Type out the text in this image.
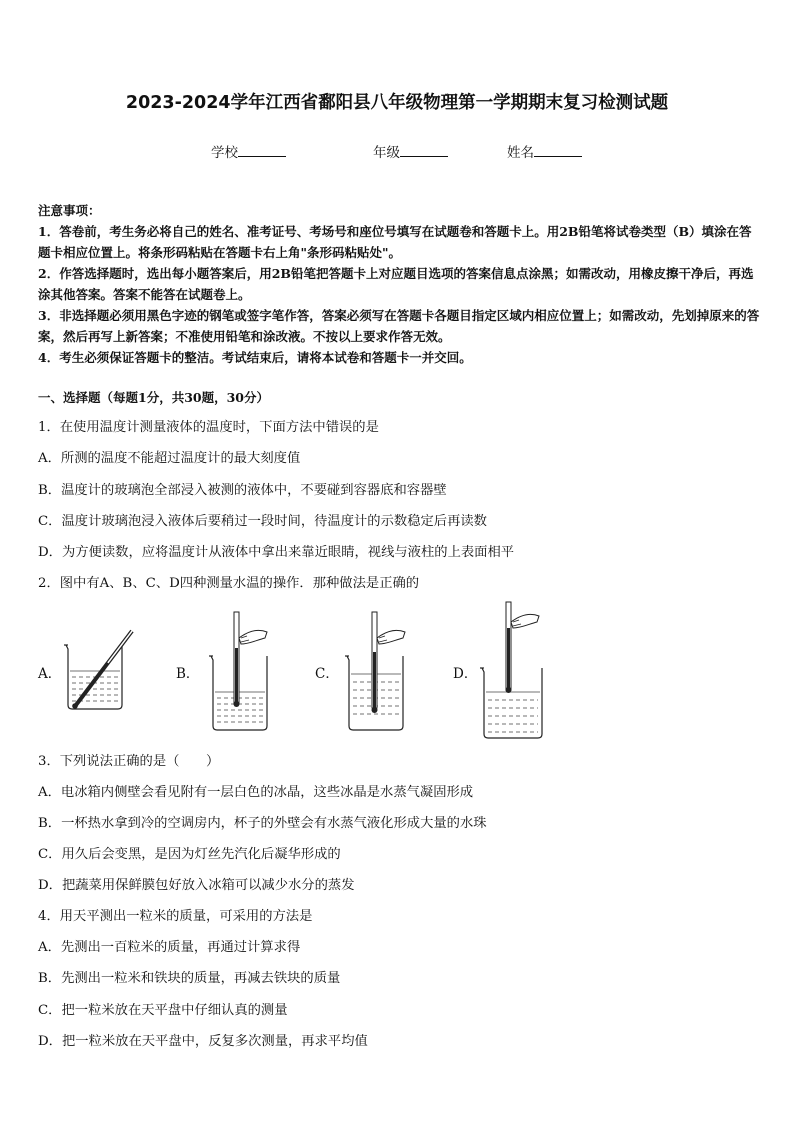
2023-2024学年江西省鄱阳县八年级物理第一学期期末复习检测试题
学校	年级	姓名
注意事项：
1．答卷前，考生务必将自己的姓名、准考证号、考场号和座位号填写在试题卷和答题卡上。用2B铅笔将试卷类型（B）填涂在答题卡相应位置上。将条形码粘贴在答题卡右上角"条形码粘贴处"。
2．作答选择题时，选出每小题答案后，用2B铅笔把答题卡上对应题目选项的答案信息点涂黑；如需改动，用橡皮擦干净后，再选涂其他答案。答案不能答在试题卷上。
3．非选择题必须用黑色字迹的钢笔或签字笔作答，答案必须写在答题卡各题目指定区域内相应位置上；如需改动，先划掉原来的答案，然后再写上新答案；不准使用铅笔和涂改液。不按以上要求作答无效。
4．考生必须保证答题卡的整洁。考试结束后，请将本试卷和答题卡一并交回。
一、选择题（每题1分，共30题，30分）
1．在使用温度计测量液体的温度时，下面方法中错误的是
A．所测的温度不能超过温度计的最大刻度值
B．温度计的玻璃泡全部浸入被测的液体中，不要碰到容器底和容器壁
C．温度计玻璃泡浸入液体后要稍过一段时间，待温度计的示数稳定后再读数
D．为方便读数，应将温度计从液体中拿出来靠近眼睛，视线与液柱的上表面相平
2．图中有A、B、C、D四种测量水温的操作．那种做法是正确的
A．	B．	C．	D．
3．下列说法正确的是（　　）
A．电冰箱内侧壁会看见附有一层白色的冰晶，这些冰晶是水蒸气凝固形成
B．一杯热水拿到冷的空调房内，杯子的外壁会有水蒸气液化形成大量的水珠
C．用久后会变黑，是因为灯丝先汽化后凝华形成的
D．把蔬菜用保鲜膜包好放入冰箱可以减少水分的蒸发
4．用天平测出一粒米的质量，可采用的方法是
A．先测出一百粒米的质量，再通过计算求得
B．先测出一粒米和铁块的质量，再减去铁块的质量
C．把一粒米放在天平盘中仔细认真的测量
D．把一粒米放在天平盘中，反复多次测量，再求平均值
